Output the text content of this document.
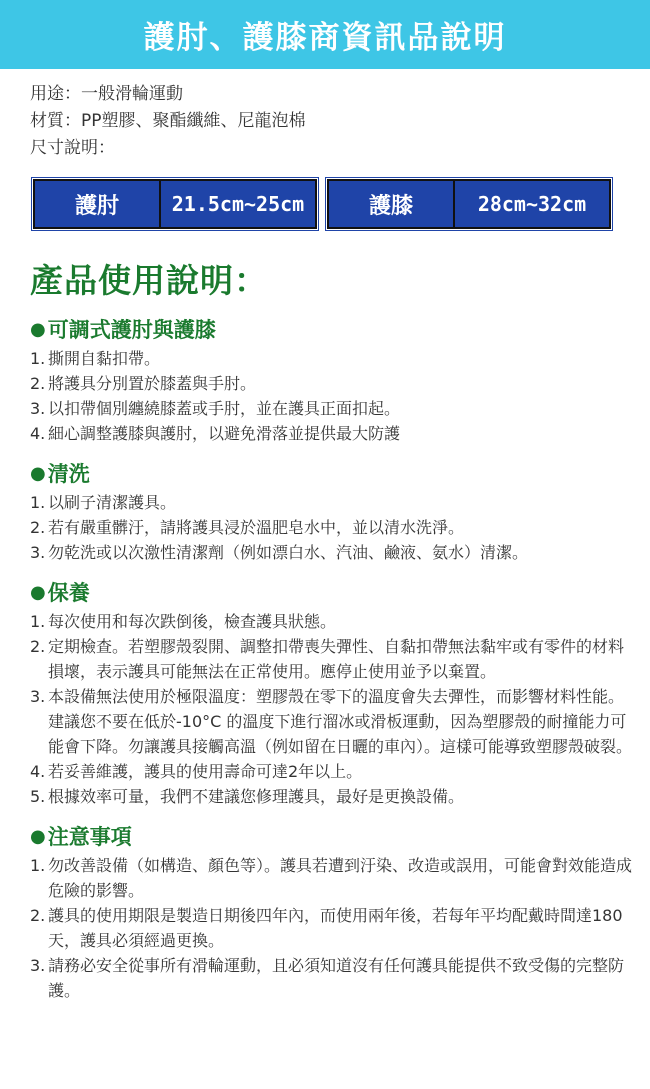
護肘、護膝商資訊品說明
用途：一般滑輪運動
材質：PP塑膠、聚酯纖維、尼龍泡棉
尺寸說明：
護肘	21.5cm~25cm	護膝	28cm~32cm
產品使用說明：
● 可調式護肘與護膝
1. 撕開自黏扣帶。
2. 將護具分別置於膝蓋與手肘。
3. 以扣帶個別纏繞膝蓋或手肘，並在護具正面扣起。
4. 細心調整護膝與護肘，以避免滑落並提供最大防護
● 清洗
1. 以刷子清潔護具。
2. 若有嚴重髒汙，請將護具浸於溫肥皂水中，並以清水洗淨。
3. 勿乾洗或以次激性清潔劑（例如漂白水、汽油、鹼液、氨水）清潔。
● 保養
1. 每次使用和每次跌倒後，檢查護具狀態。
2. 定期檢查。若塑膠殼裂開、調整扣帶喪失彈性、自黏扣帶無法黏牢或有零件的材料損壞，表示護具可能無法在正常使用。應停止使用並予以棄置。
3. 本設備無法使用於極限溫度：塑膠殼在零下的溫度會失去彈性，而影響材料性能。建議您不要在低於-10°C 的溫度下進行溜冰或滑板運動，因為塑膠殼的耐撞能力可能會下降。勿讓護具接觸高溫（例如留在日曬的車內）。這樣可能導致塑膠殼破裂。
4. 若妥善維護，護具的使用壽命可達2年以上。
5. 根據效率可量，我們不建議您修理護具，最好是更換設備。
● 注意事項
1. 勿改善設備（如構造、顏色等）。護具若遭到汙染、改造或誤用，可能會對效能造成危險的影響。
2. 護具的使用期限是製造日期後四年內，而使用兩年後，若每年平均配戴時間達180天，護具必須經過更換。
3. 請務必安全從事所有滑輪運動，且必須知道沒有任何護具能提供不致受傷的完整防護。
